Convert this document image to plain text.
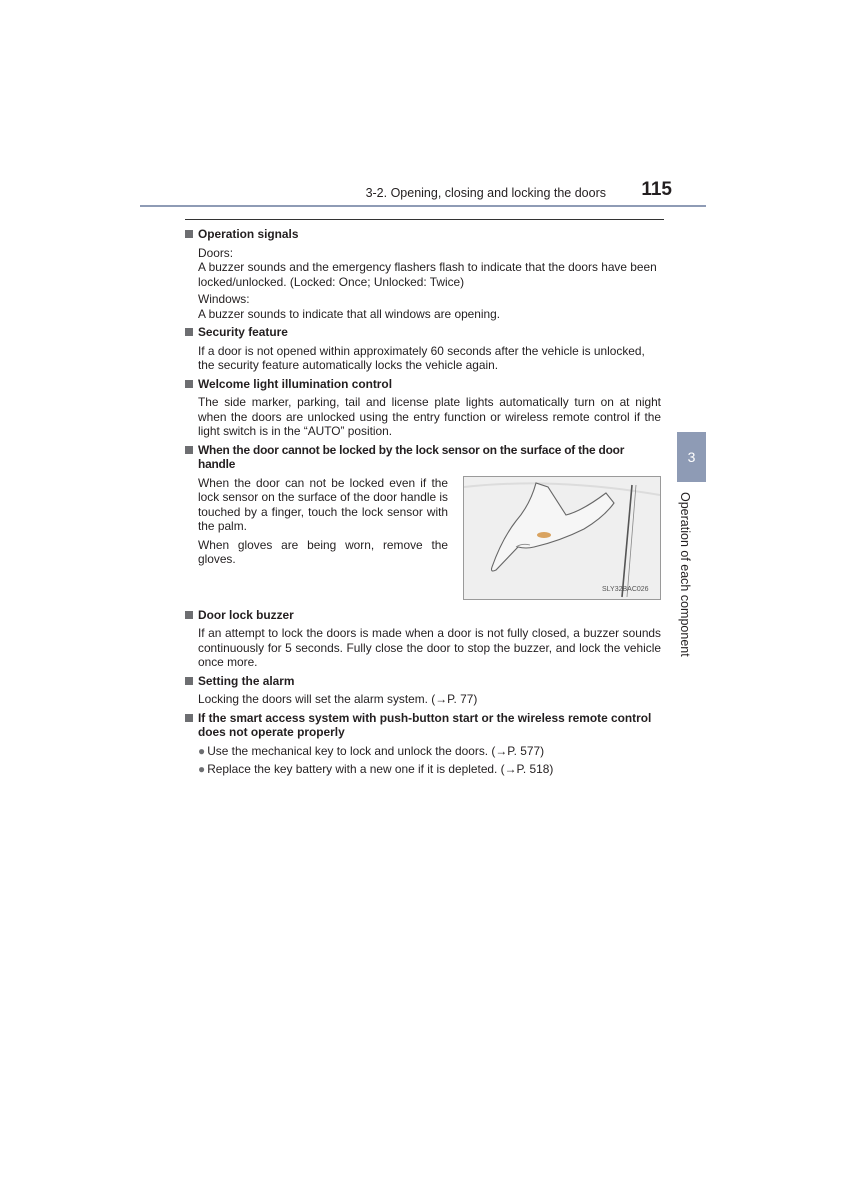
3-2. Opening, closing and locking the doors	115
Operation signals
Doors:
A buzzer sounds and the emergency flashers flash to indicate that the doors have been locked/unlocked. (Locked: Once; Unlocked: Twice)
Windows:
A buzzer sounds to indicate that all windows are opening.
Security feature
If a door is not opened within approximately 60 seconds after the vehicle is unlocked, the security feature automatically locks the vehicle again.
Welcome light illumination control
The side marker, parking, tail and license plate lights automatically turn on at night when the doors are unlocked using the entry function or wireless remote control if the light switch is in the “AUTO” position.
When the door cannot be locked by the lock sensor on the surface of the door handle
When the door can not be locked even if the lock sensor on the surface of the door handle is touched by a finger, touch the lock sensor with the palm.
When gloves are being worn, remove the gloves.
SLY32BAC026
Door lock buzzer
If an attempt to lock the doors is made when a door is not fully closed, a buzzer sounds continuously for 5 seconds. Fully close the door to stop the buzzer, and lock the vehicle once more.
Setting the alarm
Locking the doors will set the alarm system. (→P. 77)
If the smart access system with push-button start or the wireless remote control does not operate properly
● Use the mechanical key to lock and unlock the doors. (→P. 577)
● Replace the key battery with a new one if it is depleted. (→P. 518)
3
Operation of each component
